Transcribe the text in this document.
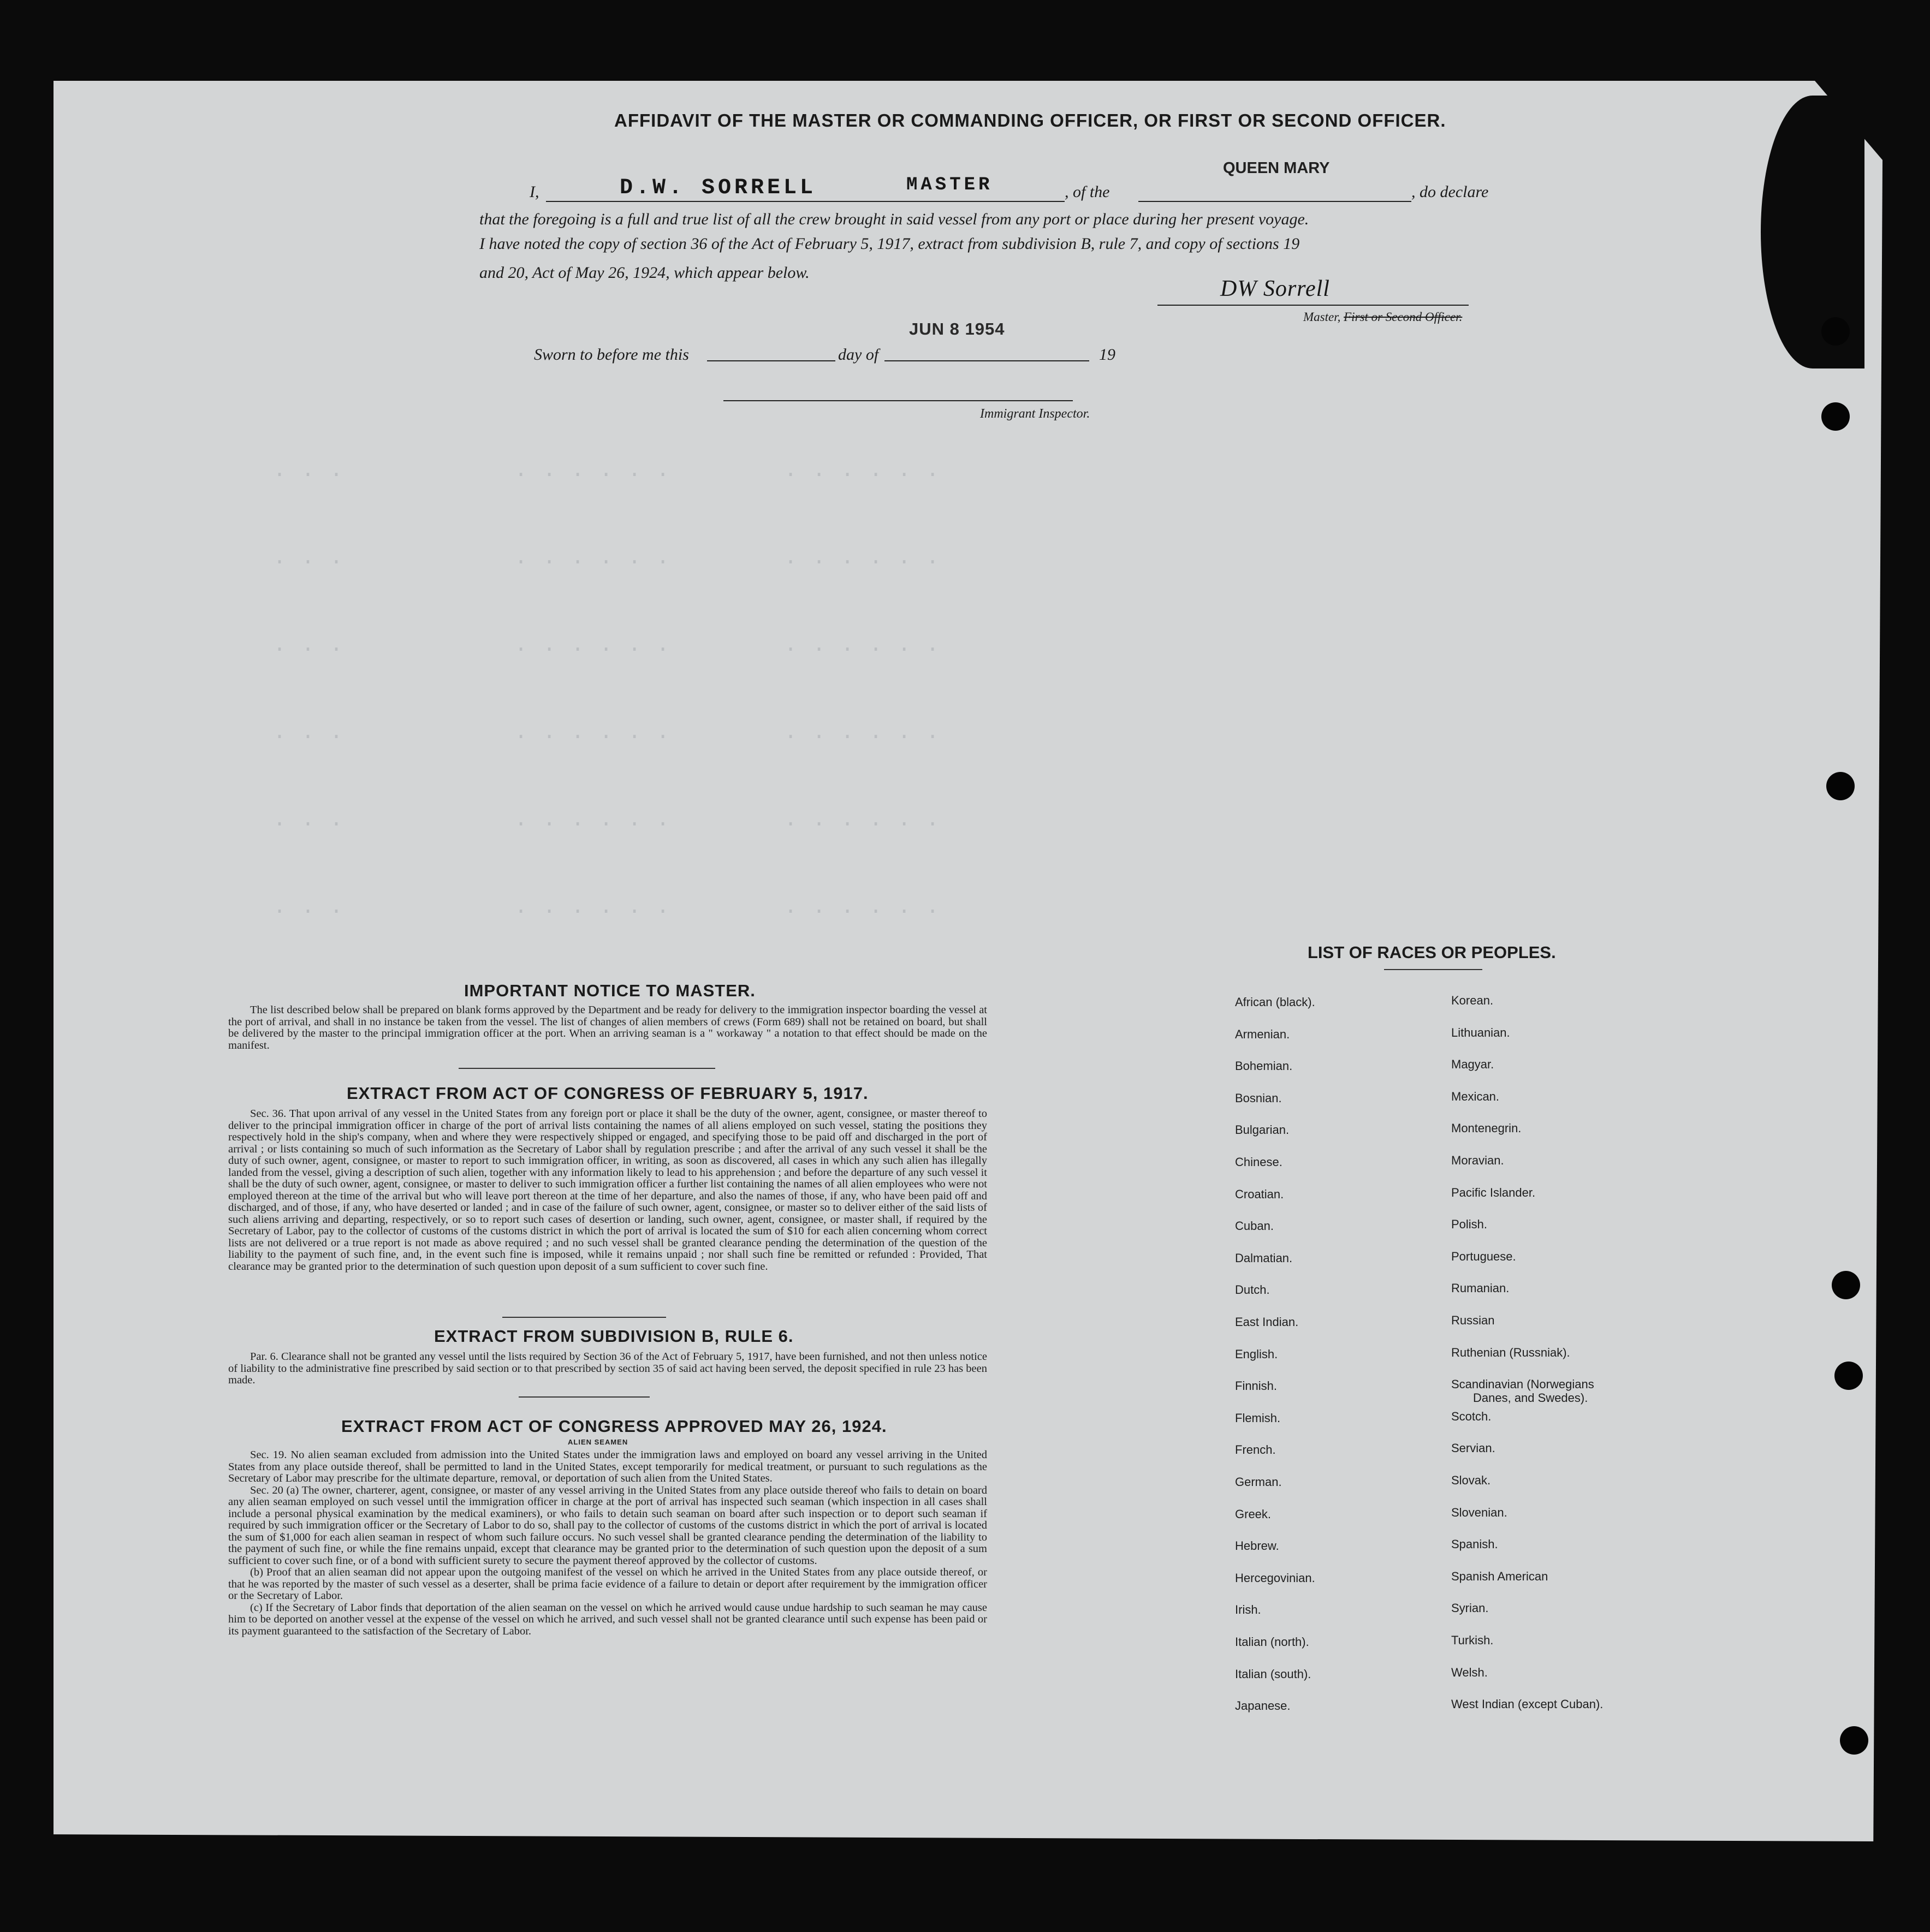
. . .            . . . . . .        . . . . . .
. . .            . . . . . .        . . . . . .
. . .            . . . . . .        . . . . . .
. . .            . . . . . .        . . . . . .
. . .            . . . . . .        . . . . . .
. . .            . . . . . .        . . . . . .
AFFIDAVIT OF THE MASTER OR COMMANDING OFFICER, OR FIRST OR SECOND OFFICER.
I,	D.W. SORRELL	MASTER	, of the
QUEEN MARY
, do declare
that the foregoing is a full and true list of all the crew brought in said vessel from any port or place during her present voyage.
I have noted the copy of section 36 of the Act of February 5, 1917, extract from subdivision B, rule 7, and copy of sections 19
and 20, Act of May 26, 1924, which appear below.
DW Sorrell
Master, First or Second Officer.
JUN 8 1954
Sworn to before me this	day of	19
Immigrant Inspector.
IMPORTANT NOTICE TO MASTER.

The list described below shall be prepared on blank forms approved by the Department and be ready for delivery to the immigration inspector boarding the vessel at the port of arrival, and shall in no instance be taken from the vessel. The list of changes of alien members of crews (Form 689) shall not be retained on board, but shall be delivered by the master to the principal immigration officer at the port. When an arriving seaman is a " workaway " a notation to that effect should be made on the manifest.

EXTRACT FROM ACT OF CONGRESS OF FEBRUARY 5, 1917.

Sec. 36. That upon arrival of any vessel in the United States from any foreign port or place it shall be the duty of the owner, agent, consignee, or master thereof to deliver to the principal immigration officer in charge of the port of arrival lists containing the names of all aliens employed on such vessel, stating the positions they respectively hold in the ship's company, when and where they were respectively shipped or engaged, and specifying those to be paid off and discharged in the port of arrival ; or lists containing so much of such information as the Secretary of Labor shall by regulation prescribe ; and after the arrival of any such vessel it shall be the duty of such owner, agent, consignee, or master to report to such immigration officer, in writing, as soon as discovered, all cases in which any such alien has illegally landed from the vessel, giving a description of such alien, together with any information likely to lead to his apprehension ; and before the departure of any such vessel it shall be the duty of such owner, agent, consignee, or master to deliver to such immigration officer a further list containing the names of all alien employees who were not employed thereon at the time of the arrival but who will leave port thereon at the time of her departure, and also the names of those, if any, who have been paid off and discharged, and of those, if any, who have deserted or landed ; and in case of the failure of such owner, agent, consignee, or master so to deliver either of the said lists of such aliens arriving and departing, respectively, or so to report such cases of desertion or landing, such owner, agent, consignee, or master shall, if required by the Secretary of Labor, pay to the collector of customs of the customs district in which the port of arrival is located the sum of $10 for each alien concerning whom correct lists are not delivered or a true report is not made as above required ; and no such vessel shall be granted clearance pending the determination of the question of the liability to the payment of such fine, and, in the event such fine is imposed, while it remains unpaid ; nor shall such fine be remitted or refunded : Provided, That clearance may be granted prior to the determination of such question upon deposit of a sum sufficient to cover such fine.

EXTRACT FROM SUBDIVISION B, RULE 6.

Par. 6. Clearance shall not be granted any vessel until the lists required by Section 36 of the Act of February 5, 1917, have been furnished, and not then unless notice of liability to the administrative fine prescribed by said section or to that prescribed by section 35 of said act having been served, the deposit specified in rule 23 has been made.

EXTRACT FROM ACT OF CONGRESS APPROVED MAY 26, 1924.
ALIEN SEAMEN

Sec. 19. No alien seaman excluded from admission into the United States under the immigration laws and employed on board any vessel arriving in the United States from any place outside thereof, shall be permitted to land in the United States, except temporarily for medical treatment, or pursuant to such regulations as the Secretary of Labor may prescribe for the ultimate departure, removal, or deportation of such alien from the United States.

Sec. 20 (a) The owner, charterer, agent, consignee, or master of any vessel arriving in the United States from any place outside thereof who fails to detain on board any alien seaman employed on such vessel until the immigration officer in charge at the port of arrival has inspected such seaman (which inspection in all cases shall include a personal physical examination by the medical examiners), or who fails to detain such seaman on board after such inspection or to deport such seaman if required by such immigration officer or the Secretary of Labor to do so, shall pay to the collector of customs of the customs district in which the port of arrival is located the sum of $1,000 for each alien seaman in respect of whom such failure occurs. No such vessel shall be granted clearance pending the determination of the liability to the payment of such fine, or while the fine remains unpaid, except that clearance may be granted prior to the determination of such question upon the deposit of a sum sufficient to cover such fine, or of a bond with sufficient surety to secure the payment thereof approved by the collector of customs.

(b) Proof that an alien seaman did not appear upon the outgoing manifest of the vessel on which he arrived in the United States from any place outside thereof, or that he was reported by the master of such vessel as a deserter, shall be prima facie evidence of a failure to detain or deport after requirement by the immigration officer or the Secretary of Labor.

(c) If the Secretary of Labor finds that deportation of the alien seaman on the vessel on which he arrived would cause undue hardship to such seaman he may cause him to be deported on another vessel at the expense of the vessel on which he arrived, and such vessel shall not be granted clearance until such expense has been paid or its payment guaranteed to the satisfaction of the Secretary of Labor.

LIST OF RACES OR PEOPLES.
African (black).
Armenian.
Bohemian.
Bosnian.
Bulgarian.
Chinese.
Croatian.
Cuban.
Dalmatian.
Dutch.
East Indian.
English.
Finnish.
Flemish.
French.
German.
Greek.
Hebrew.
Hercegovinian.
Irish.
Italian (north).
Italian (south).
Japanese.
Korean.
Lithuanian.
Magyar.
Mexican.
Montenegrin.
Moravian.
Pacific Islander.
Polish.
Portuguese.
Rumanian.
Russian
Ruthenian (Russniak).
Scandinavian (Norwegians
Danes, and Swedes).
Scotch.
Servian.
Slovak.
Slovenian.
Spanish.
Spanish American
Syrian.
Turkish.
Welsh.
West Indian (except Cuban).
